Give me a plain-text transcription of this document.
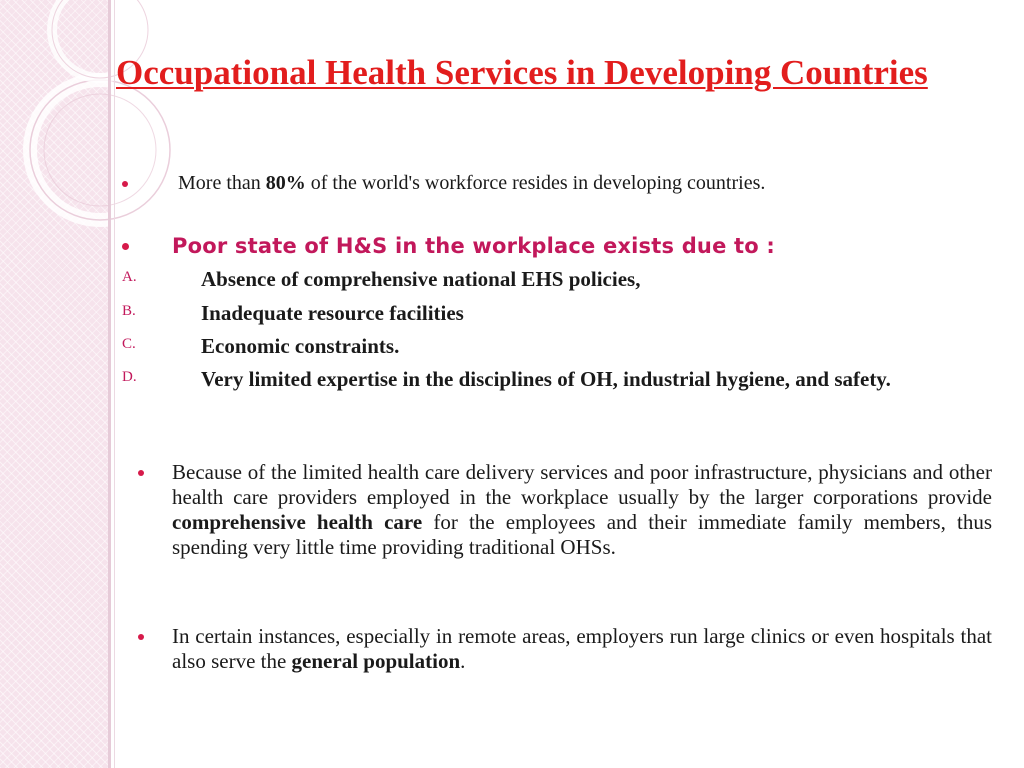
Occupational Health Services in Developing Countries
More than 80% of the world's workforce resides in developing countries.
Poor state of H&S in the workplace exists due to :
A.	Absence of comprehensive national EHS policies,
B.	Inadequate resource facilities
C.	Economic constraints.
D.	Very limited expertise in the disciplines of OH, industrial hygiene, and safety.
Because of the limited health care delivery services and poor infrastructure, physicians and other health care providers employed in the workplace usually by the larger corporations provide comprehensive health care for the employees and their immediate family members, thus spending very little time providing traditional OHSs.
In certain instances, especially in remote areas, employers run large clinics or even hospitals that also serve the general population.
